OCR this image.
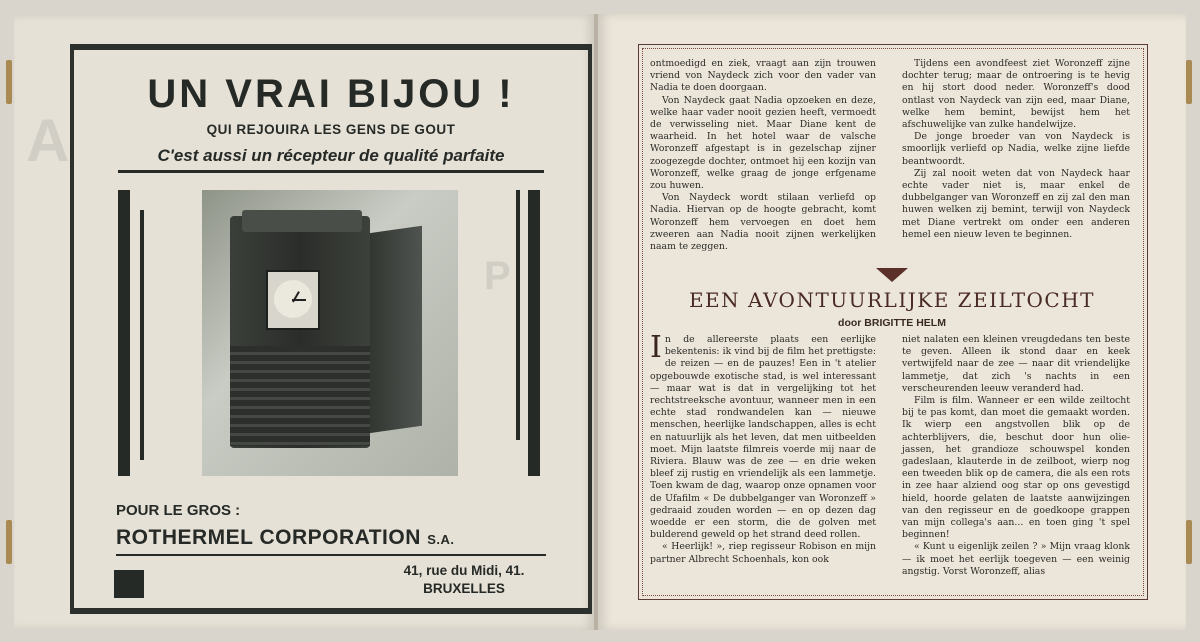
A
P
UN VRAI BIJOU !
QUI REJOUIRA LES GENS DE GOUT
C'est aussi un récepteur de qualité parfaite
POUR LE GROS :
ROTHERMEL CORPORATION S.A.
41, rue du Midi, 41.
BRUXELLES

ontmoedigd en ziek, vraagt aan zijn trouwen vriend von Naydeck zich voor den vader van Nadia te doen doorgaan.

Von Naydeck gaat Nadia opzoeken en deze, welke haar vader nooit gezien heeft, vermoedt de verwisseling niet. Maar Diane kent de waarheid. In het hotel waar de valsche Woronzeff afgestapt is in gezelschap zijner zoogezegde dochter, ontmoet hij een kozijn van Woronzeff, welke graag de jonge erfgename zou huwen.

Von Naydeck wordt stilaan verliefd op Nadia. Hiervan op de hoogte gebracht, komt Woronzeff hem vervoegen en doet hem zweeren aan Nadia nooit zijnen werkelijken naam te zeggen.

Tijdens een avondfeest ziet Woronzeff zijne dochter terug; maar de ontroering is te hevig en hij stort dood neder. Woronzeff's dood ontlast von Naydeck van zijn eed, maar Diane, welke hem bemint, bewijst hem het afschuwelijke van zulke handelwijze.

De jonge broeder van von Naydeck is smoorlijk verliefd op Nadia, welke zijne liefde beantwoordt.

Zij zal nooit weten dat von Naydeck haar echte vader niet is, maar enkel de dubbelganger van Woronzeff en zij zal den man huwen welken zij bemint, terwijl von Naydeck met Diane vertrekt om onder een anderen hemel een nieuw leven te beginnen.

EEN AVONTUURLIJKE ZEILTOCHT
door BRIGITTE HELM

In de allereerste plaats een eerlijke bekentenis: ik vind bij de film het prettigste: de reizen — en de pauzes! Een in 't atelier opgebouwde exotische stad, is wel interessant — maar wat is dat in vergelijking tot het rechtstreeksche avontuur, wanneer men in een echte stad rondwandelen kan — nieuwe menschen, heerlijke landschappen, alles is echt en natuurlijk als het leven, dat men uitbeelden moet. Mijn laatste filmreis voerde mij naar de Riviera. Blauw was de zee — en drie weken bleef zij rustig en vriendelijk als een lammetje. Toen kwam de dag, waarop onze opnamen voor de Ufafilm « De dubbelganger van Woronzeff » gedraaid zouden worden — en op dezen dag woedde er een storm, die de golven met bulderend geweld op het strand deed rollen.

« Heerlijk! », riep regisseur Robison en mijn partner Albrecht Schoenhals, kon ook

niet nalaten een kleinen vreugdedans ten beste te geven. Alleen ik stond daar en keek vertwijfeld naar de zee — naar dit vriendelijke lammetje, dat zich 's nachts in een verscheurenden leeuw veranderd had.

Film is film. Wanneer er een wilde zeiltocht bij te pas komt, dan moet die gemaakt worden. Ik wierp een angstvollen blik op de achterblijvers, die, beschut door hun olie-jassen, het grandioze schouwspel konden gadeslaan, klauterde in de zeilboot, wierp nog een tweeden blik op de camera, die als een rots in zee haar alziend oog star op ons gevestigd hield, hoorde gelaten de laatste aanwijzingen van den regisseur en de goedkoope grappen van mijn collega's aan... en toen ging 't spel beginnen!

« Kunt u eigenlijk zeilen ? » Mijn vraag klonk — ik moet het eerlijk toegeven — een weinig angstig. Vorst Woronzeff, alias
